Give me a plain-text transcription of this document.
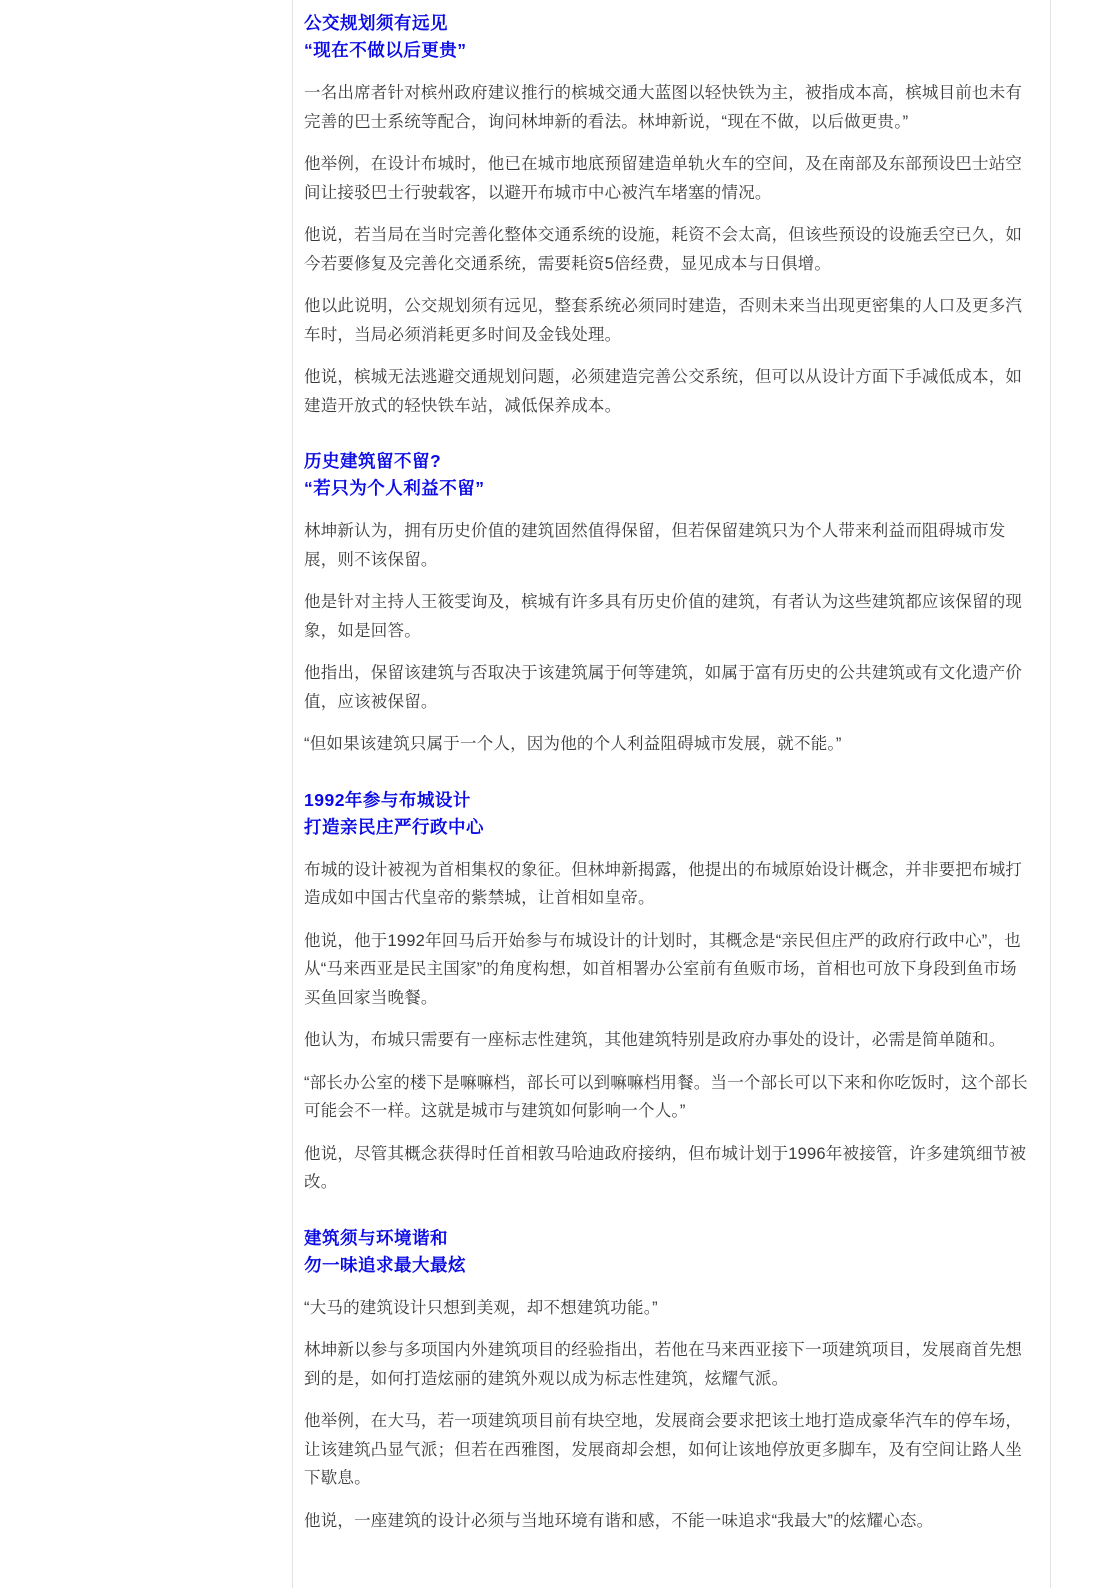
公交规划须有远见
“现在不做以后更贵”

一名出席者针对槟州政府建议推行的槟城交通大蓝图以轻快铁为主，被指成本高，槟城目前也未有完善的巴士系统等配合，询问林坤新的看法。林坤新说，“现在不做，以后做更贵。”

他举例，在设计布城时，他已在城市地底预留建造单轨火车的空间，及在南部及东部预设巴士站空间让接驳巴士行驶载客，以避开布城市中心被汽车堵塞的情况。

他说，若当局在当时完善化整体交通系统的设施，耗资不会太高，但该些预设的设施丢空已久，如今若要修复及完善化交通系统，需要耗资5倍经费，显见成本与日俱增。

他以此说明，公交规划须有远见，整套系统必须同时建造，否则未来当出现更密集的人口及更多汽车时，当局必须消耗更多时间及金钱处理。

他说，槟城无法逃避交通规划问题，必须建造完善公交系统，但可以从设计方面下手减低成本，如建造开放式的轻快铁车站，减低保养成本。

历史建筑留不留?
“若只为个人利益不留”

林坤新认为，拥有历史价值的建筑固然值得保留，但若保留建筑只为个人带来利益而阻碍城市发展，则不该保留。

他是针对主持人王筱雯询及，槟城有许多具有历史价值的建筑，有者认为这些建筑都应该保留的现象，如是回答。

他指出，保留该建筑与否取决于该建筑属于何等建筑，如属于富有历史的公共建筑或有文化遗产价值，应该被保留。

“但如果该建筑只属于一个人，因为他的个人利益阻碍城市发展，就不能。”

1992年参与布城设计
打造亲民庄严行政中心

布城的设计被视为首相集权的象征。但林坤新揭露，他提出的布城原始设计概念，并非要把布城打造成如中国古代皇帝的紫禁城，让首相如皇帝。

他说，他于1992年回马后开始参与布城设计的计划时，其概念是“亲民但庄严的政府行政中心”，也从“马来西亚是民主国家”的角度构想，如首相署办公室前有鱼贩市场，首相也可放下身段到鱼市场买鱼回家当晚餐。

他认为，布城只需要有一座标志性建筑，其他建筑特别是政府办事处的设计，必需是简单随和。

“部长办公室的楼下是嘛嘛档，部长可以到嘛嘛档用餐。当一个部长可以下来和你吃饭时，这个部长可能会不一样。这就是城市与建筑如何影响一个人。”

他说，尽管其概念获得时任首相敦马哈迪政府接纳，但布城计划于1996年被接管，许多建筑细节被改。

建筑须与环境谐和
勿一味追求最大最炫

“大马的建筑设计只想到美观，却不想建筑功能。”

林坤新以参与多项国内外建筑项目的经验指出，若他在马来西亚接下一项建筑项目，发展商首先想到的是，如何打造炫丽的建筑外观以成为标志性建筑，炫耀气派。

他举例，在大马，若一项建筑项目前有块空地，发展商会要求把该土地打造成豪华汽车的停车场，让该建筑凸显气派；但若在西雅图，发展商却会想，如何让该地停放更多脚车，及有空间让路人坐下歇息。

他说，一座建筑的设计必须与当地环境有谐和感，不能一味追求“我最大”的炫耀心态。
